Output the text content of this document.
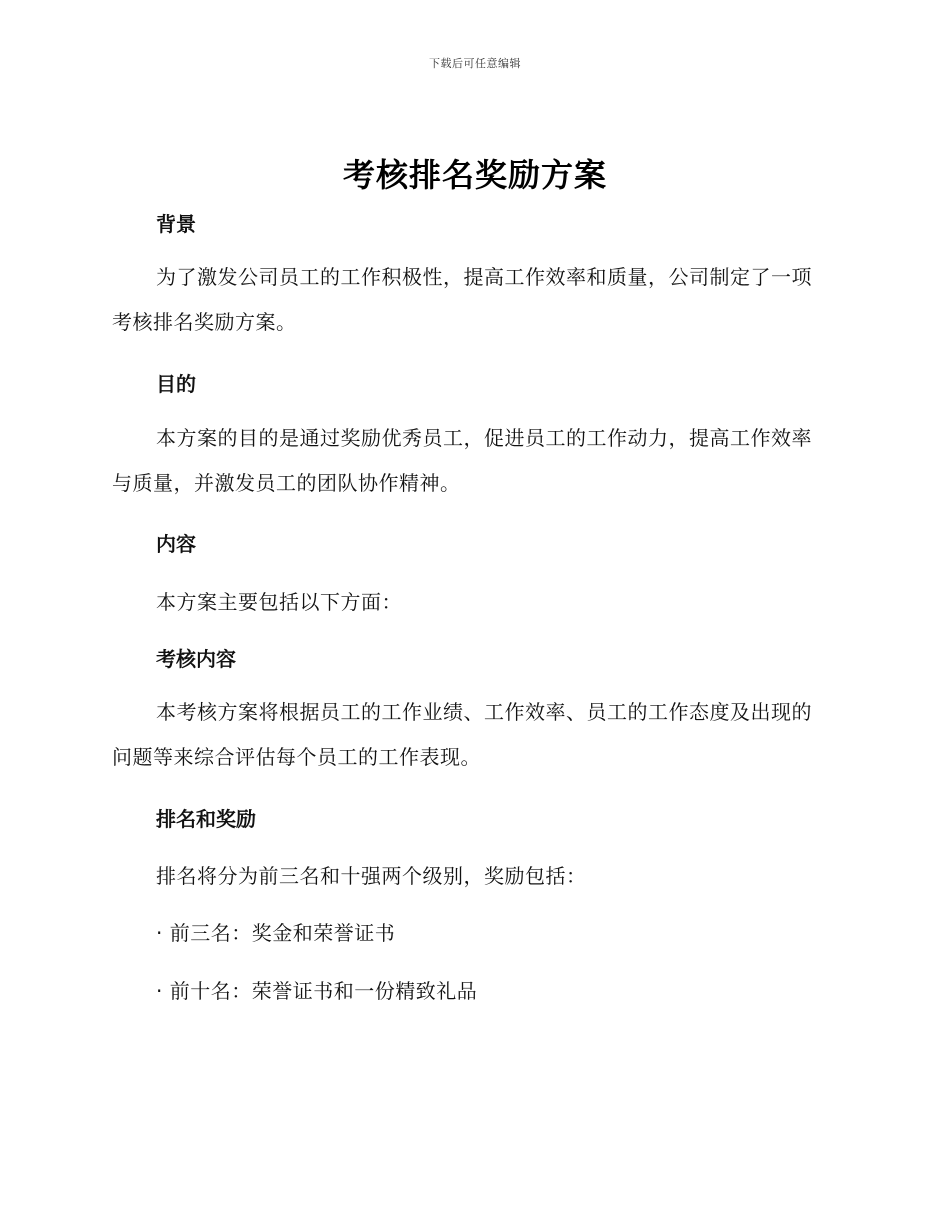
下载后可任意编辑
考核排名奖励方案
背景
为了激发公司员工的工作积极性，提高工作效率和质量，公司制定了一项考核排名奖励方案。
目的
本方案的目的是通过奖励优秀员工，促进员工的工作动力，提高工作效率与质量，并激发员工的团队协作精神。
内容
本方案主要包括以下方面：
考核内容
本考核方案将根据员工的工作业绩、工作效率、员工的工作态度及出现的问题等来综合评估每个员工的工作表现。
排名和奖励
排名将分为前三名和十强两个级别，奖励包括：
· 前三名：奖金和荣誉证书
· 前十名：荣誉证书和一份精致礼品
